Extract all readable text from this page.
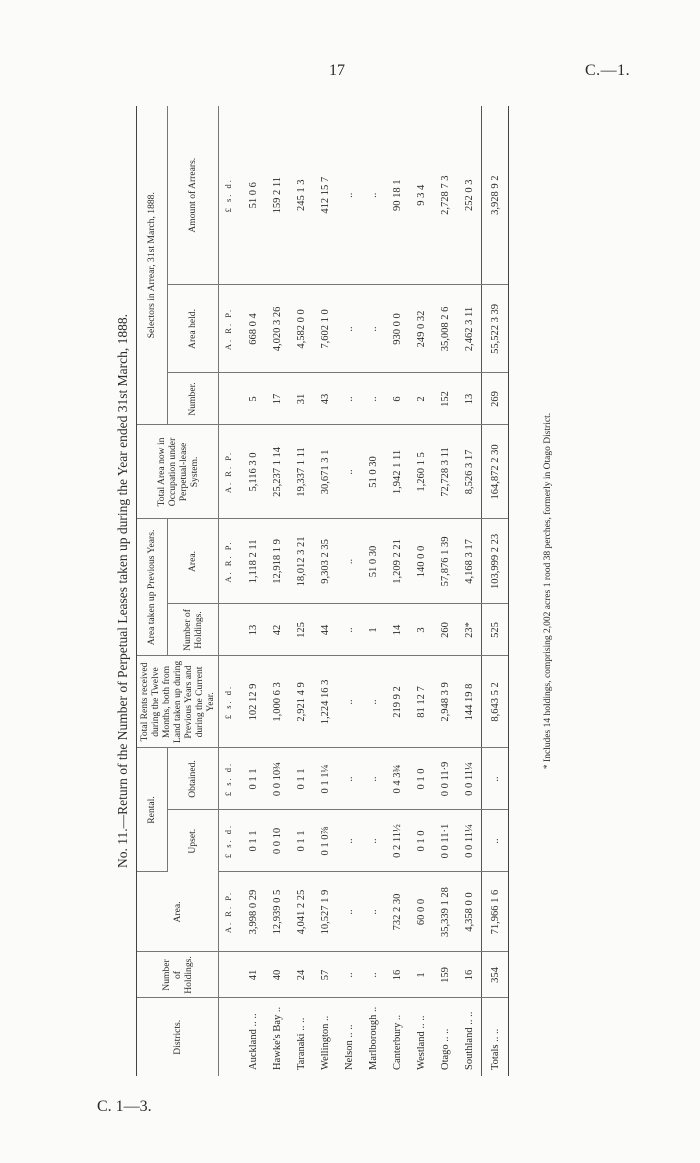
17	C.—1.
C. 1—3.
No. 11.—Return of the Number of Perpetual Leases taken up during the Year ended 31st March, 1888.
Districts.	Number of Holdings.	Area.	Rental.		Total Rents received during the Twelve Months, both from Land taken up during Previous Years and during the Current Year.	Area taken up Previous Years.		Total Area now in Occupation under Perpetual-lease System.	Selectors in Arrear, 31st March, 1888.		
			Upset.	Obtained.		Number of Holdings.	Area.		Number.	Area held.	Amount of Arrears.
		A. R. P.	£ s. d.	£ s. d.	£ s. d.		A. R. P.	A. R. P.		A. R. P.	£ s. d.
Auckland .. ..	41	3,998 0 29	0 1 1	0 1 1	102 12 9	13	1,118 2 11	5,116 3 0	5	668 0 4	51 0 6
Hawke's Bay ..	40	12,939 0 5	0 0 10	0 0 10¾	1,000 6 3	42	12,918 1 9	25,237 1 14	17	4,020 3 26	159 2 11
Taranaki .. ..	24	4,041 2 25	0 1 1	0 1 1	2,921 4 9	125	18,012 3 21	19,337 1 11	31	4,582 0 0	245 1 3
Wellington ..	57	10,527 1 9	0 1 0⅞	0 1 1¼	1,224 16 3	44	9,303 2 35	30,671 3 1	43	7,602 1 0	412 15 7
Nelson .. ..	..	..	..	..	..	..	..	..	..	..	..
Marlborough ..	..	..	..	..	..	1	51 0 30	51 0 30	..	..	..
Canterbury ..	16	732 2 30	0 2 11½	0 4 3¾	219 9 2	14	1,209 2 21	1,942 1 11	6	930 0 0	90 18 1
Westland .. ..	1	60 0 0	0 1 0	0 1 0	81 12 7	3	140 0 0	1,260 1 5	2	249 0 32	9 3 4
Otago .. ..	159	35,339 1 28	0 0 11·1	0 0 11·9	2,948 3 9	260	57,876 1 39	72,728 3 11	152	35,008 2 6	2,728 7 3
Southland .. ..	16	4,358 0 0	0 0 11¼	0 0 11¼	144 19 8	23*	4,168 3 17	8,526 3 17	13	2,462 3 11	252 0 3
Totals .. ..	354	71,966 1 6	..	..	8,643 5 2	525	103,999 2 23	164,872 2 30	269	55,522 3 39	3,928 9 2
* Includes 14 holdings, comprising 2,002 acres 1 rood 38 perches, formerly in Otago District.
